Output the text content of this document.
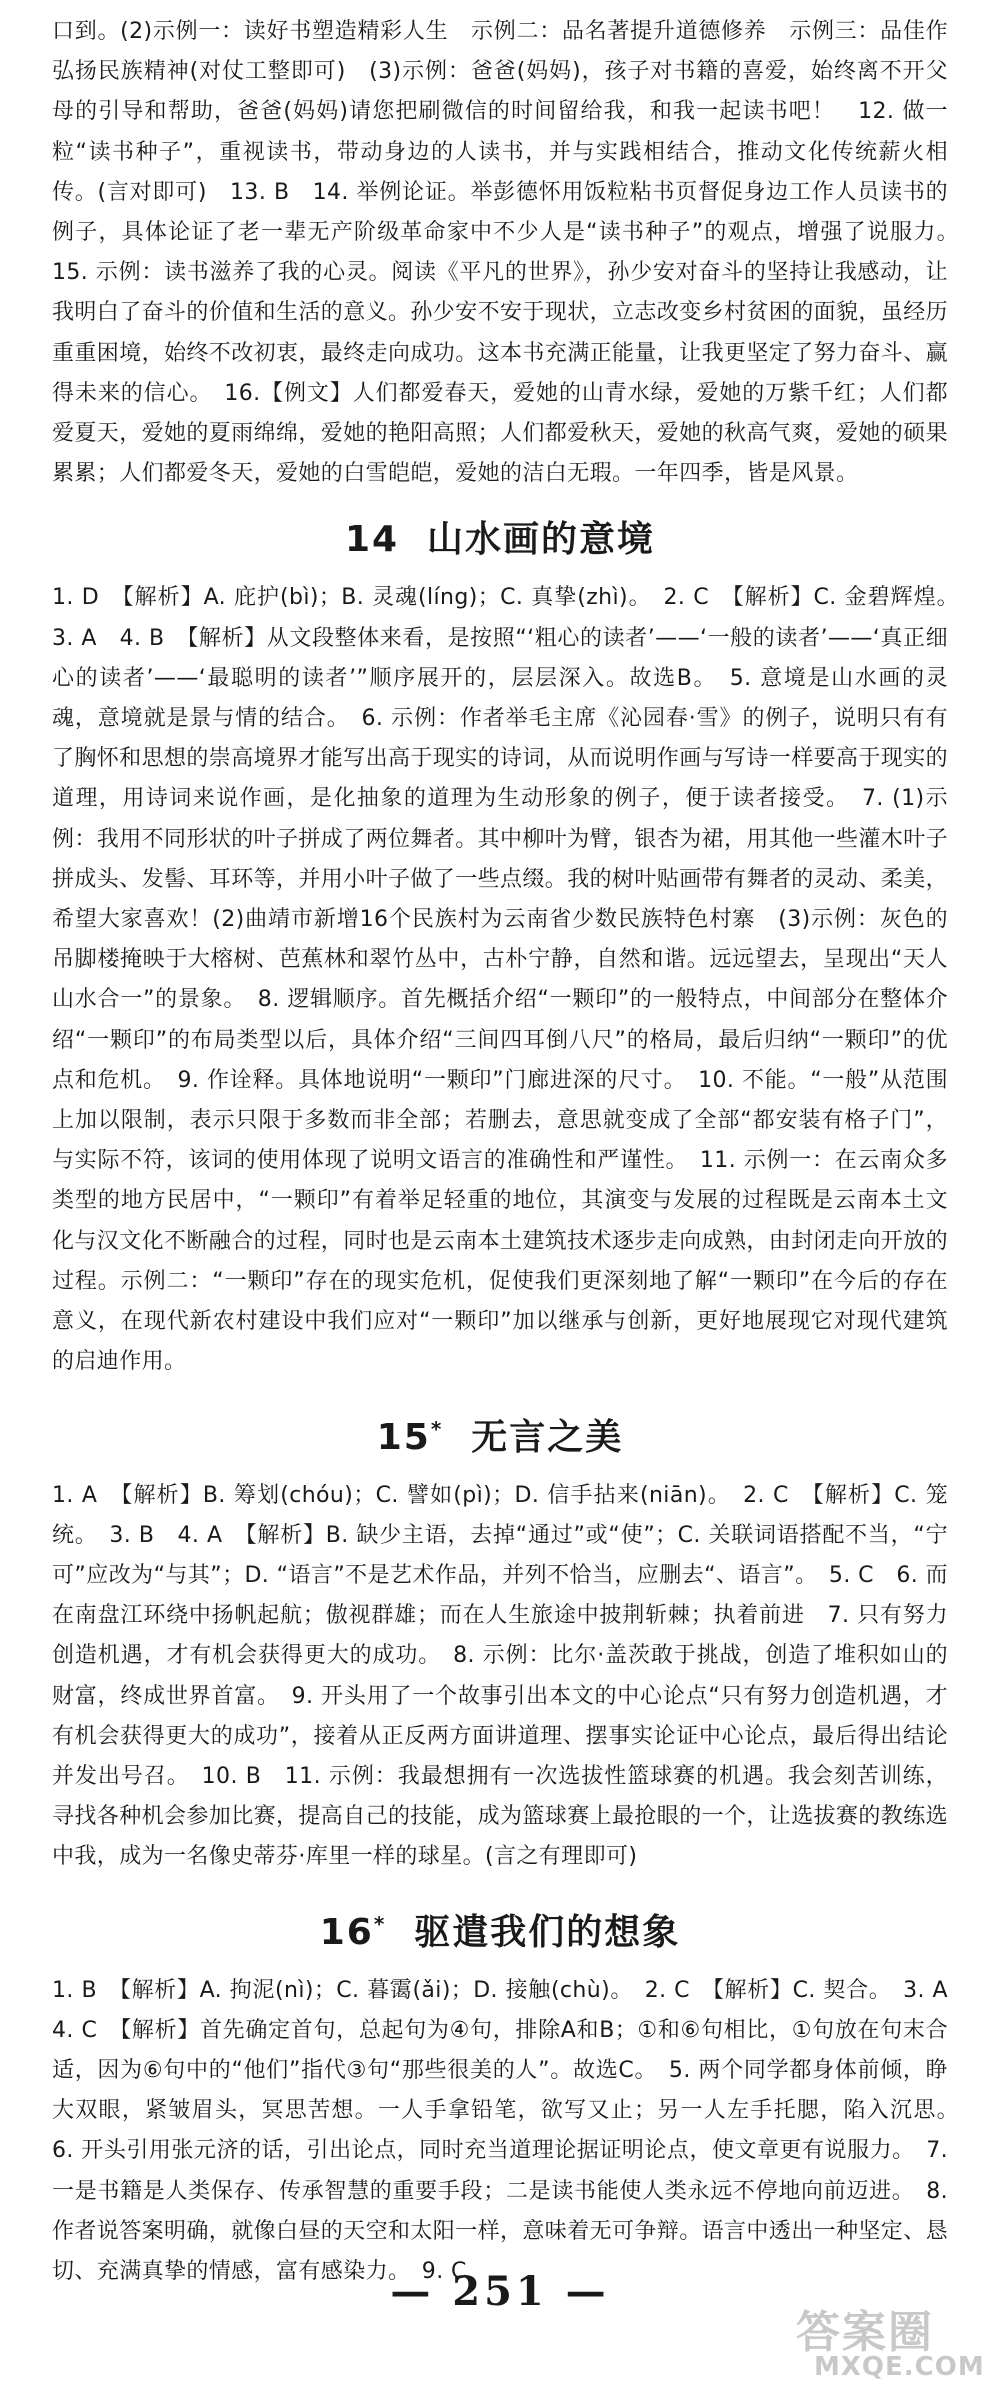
口到。(2)示例一：读好书塑造精彩人生　示例二：品名著提升道德修养　示例三：品佳作弘扬民族精神(对仗工整即可)　(3)示例：爸爸(妈妈)，孩子对书籍的喜爱，始终离不开父母的引导和帮助，爸爸(妈妈)请您把刷微信的时间留给我，和我一起读书吧！　12. 做一粒“读书种子”，重视读书，带动身边的人读书，并与实践相结合，推动文化传统薪火相传。(言对即可)　13. B　14. 举例论证。举彭德怀用饭粒粘书页督促身边工作人员读书的例子，具体论证了老一辈无产阶级革命家中不少人是“读书种子”的观点，增强了说服力。　15. 示例：读书滋养了我的心灵。阅读《平凡的世界》，孙少安对奋斗的坚持让我感动，让我明白了奋斗的价值和生活的意义。孙少安不安于现状，立志改变乡村贫困的面貌，虽经历重重困境，始终不改初衷，最终走向成功。这本书充满正能量，让我更坚定了努力奋斗、赢得未来的信心。　16.【例文】人们都爱春天，爱她的山青水绿，爱她的万紫千红；人们都爱夏天，爱她的夏雨绵绵，爱她的艳阳高照；人们都爱秋天，爱她的秋高气爽，爱她的硕果累累；人们都爱冬天，爱她的白雪皑皑，爱她的洁白无瑕。一年四季，皆是风景。

14 山水画的意境

1. D　【解析】A. 庇护(bì)；B. 灵魂(líng)；C. 真挚(zhì)。　2. C　【解析】C. 金碧辉煌。　3. A　4. B　【解析】从文段整体来看，是按照“‘粗心的读者’——‘一般的读者’——‘真正细心的读者’——‘最聪明的读者’”顺序展开的，层层深入。故选B。　5. 意境是山水画的灵魂，意境就是景与情的结合。　6. 示例：作者举毛主席《沁园春·雪》的例子，说明只有有了胸怀和思想的崇高境界才能写出高于现实的诗词，从而说明作画与写诗一样要高于现实的道理，用诗词来说作画，是化抽象的道理为生动形象的例子，便于读者接受。　7. (1)示例：我用不同形状的叶子拼成了两位舞者。其中柳叶为臂，银杏为裙，用其他一些灌木叶子拼成头、发髻、耳环等，并用小叶子做了一些点缀。我的树叶贴画带有舞者的灵动、柔美，希望大家喜欢！(2)曲靖市新增16个民族村为云南省少数民族特色村寨　(3)示例：灰色的吊脚楼掩映于大榕树、芭蕉林和翠竹丛中，古朴宁静，自然和谐。远远望去，呈现出“天人山水合一”的景象。　8. 逻辑顺序。首先概括介绍“一颗印”的一般特点，中间部分在整体介绍“一颗印”的布局类型以后，具体介绍“三间四耳倒八尺”的格局，最后归纳“一颗印”的优点和危机。　9. 作诠释。具体地说明“一颗印”门廊进深的尺寸。　10. 不能。“一般”从范围上加以限制，表示只限于多数而非全部；若删去，意思就变成了全部“都安装有格子门”，与实际不符，该词的使用体现了说明文语言的准确性和严谨性。　11. 示例一：在云南众多类型的地方民居中，“一颗印”有着举足轻重的地位，其演变与发展的过程既是云南本土文化与汉文化不断融合的过程，同时也是云南本土建筑技术逐步走向成熟，由封闭走向开放的过程。示例二：“一颗印”存在的现实危机，促使我们更深刻地了解“一颗印”在今后的存在意义，在现代新农村建设中我们应对“一颗印”加以继承与创新，更好地展现它对现代建筑的启迪作用。

15* 无言之美

1. A　【解析】B. 筹划(chóu)；C. 譬如(pì)；D. 信手拈来(niān)。　2. C　【解析】C. 笼统。　3. B　4. A　【解析】B. 缺少主语，去掉“通过”或“使”；C. 关联词语搭配不当，“宁可”应改为“与其”；D. “语言”不是艺术作品，并列不恰当，应删去“、语言”。　5. C　6. 而在南盘江环绕中扬帆起航；傲视群雄；而在人生旅途中披荆斩棘；执着前进　7. 只有努力创造机遇，才有机会获得更大的成功。　8. 示例：比尔·盖茨敢于挑战，创造了堆积如山的财富，终成世界首富。　9. 开头用了一个故事引出本文的中心论点“只有努力创造机遇，才有机会获得更大的成功”，接着从正反两方面讲道理、摆事实论证中心论点，最后得出结论并发出号召。　10. B　11. 示例：我最想拥有一次选拔性篮球赛的机遇。我会刻苦训练，寻找各种机会参加比赛，提高自己的技能，成为篮球赛上最抢眼的一个，让选拔赛的教练选中我，成为一名像史蒂芬·库里一样的球星。(言之有理即可)

16* 驱遣我们的想象

1. B　【解析】A. 拘泥(nì)；C. 暮霭(ǎi)；D. 接触(chù)。　2. C　【解析】C. 契合。　3. A　4. C　【解析】首先确定首句，总起句为④句，排除A和B；①和⑥句相比，①句放在句末合适，因为⑥句中的“他们”指代③句“那些很美的人”。故选C。　5. 两个同学都身体前倾，睁大双眼，紧皱眉头，冥思苦想。一人手拿铅笔，欲写又止；另一人左手托腮，陷入沉思。　6. 开头引用张元济的话，引出论点，同时充当道理论据证明论点，使文章更有说服力。　7. 一是书籍是人类保存、传承智慧的重要手段；二是读书能使人类永远不停地向前迈进。　8. 作者说答案明确，就像白昼的天空和太阳一样，意味着无可争辩。语言中透出一种坚定、恳切、充满真挚的情感，富有感染力。　9. C

— 251 —
答案圈
MXQE.COM
